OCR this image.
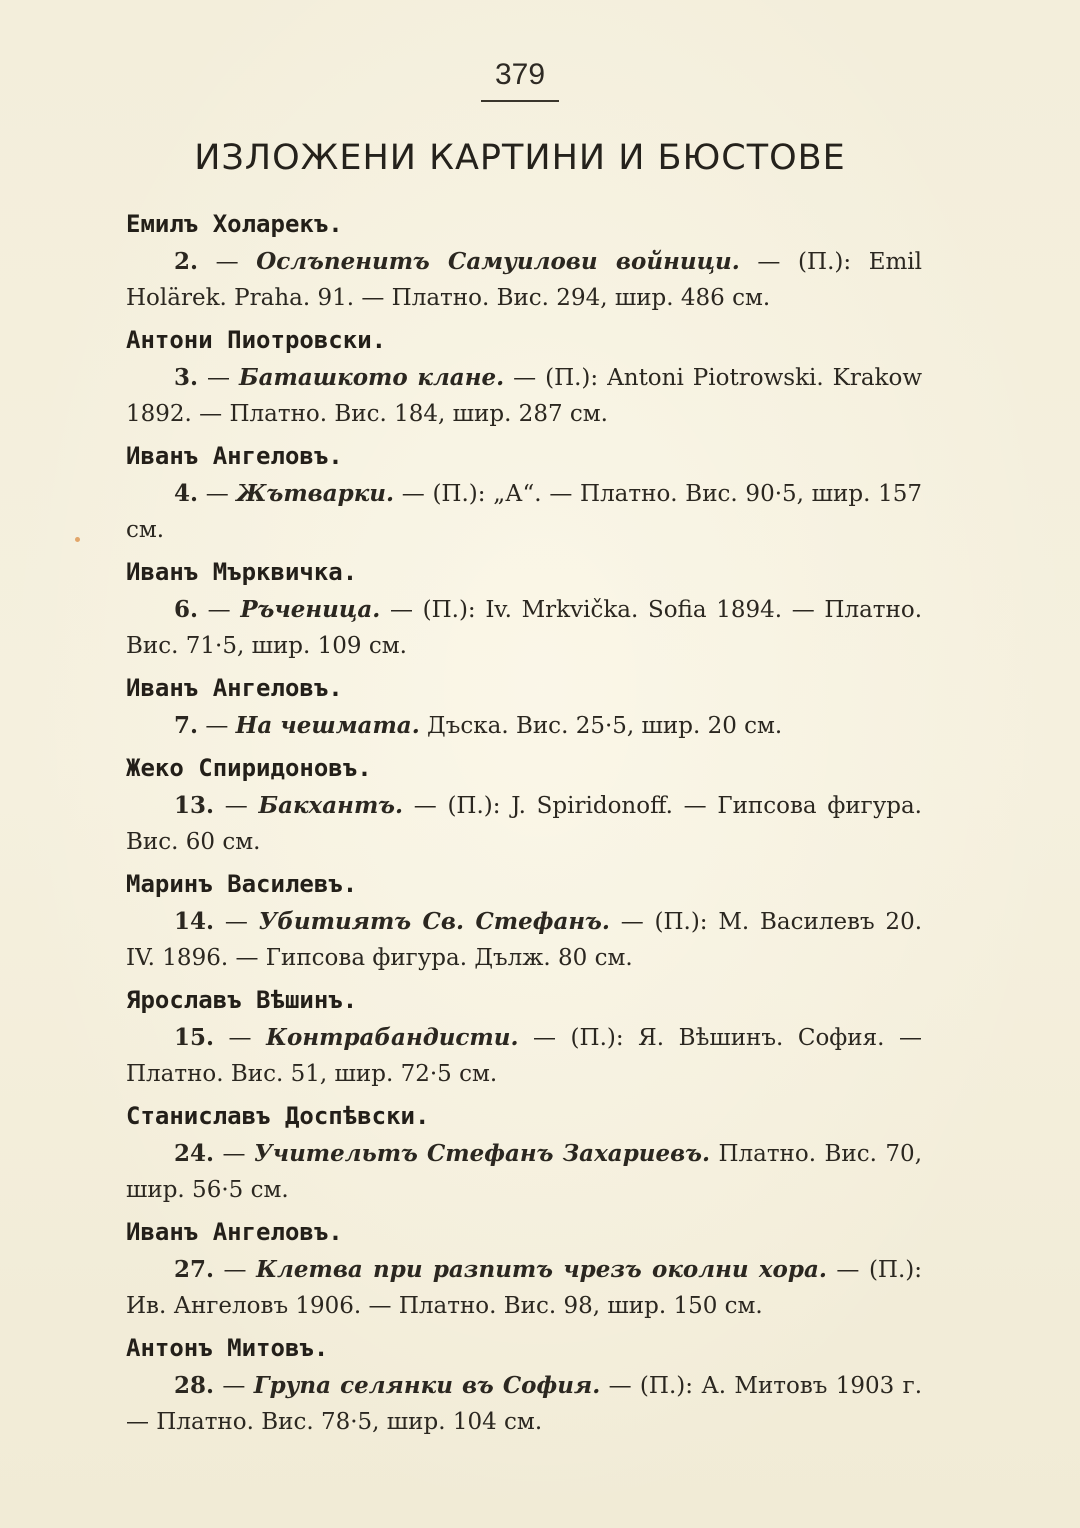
379
ИЗЛОЖЕНИ КАРТИНИ И БЮСТОВЕ
Емилъ Холарекъ.
2. — Ослъпенитъ Самуилови войници. — (П.): Emil Holärek. Praha. 91. — Платно. Вис. 294, шир. 486 см.
Антони Пиотровски.
3. — Баташкото клане. — (П.): Antoni Piotrowski. Krakow 1892. — Платно. Вис. 184, шир. 287 см.
Иванъ Ангеловъ.
4. — Жътварки. — (П.): „А“. — Платно. Вис. 90·5, шир. 157 см.
Иванъ Мърквичка.
6. — Ръченица. — (П.): Iv. Mrkvička. Sofia 1894. — Платно. Вис. 71·5, шир. 109 см.
Иванъ Ангеловъ.
7. — На чешмата. Дъска. Вис. 25·5, шир. 20 см.
Жеко Спиридоновъ.
13. — Бакхантъ. — (П.): J. Spiridonoff. — Гипсова фигура. Вис. 60 см.
Маринъ Василевъ.
14. — Убитиятъ Св. Стефанъ. — (П.): М. Василевъ 20. IV. 1896. — Гипсова фигура. Дълж. 80 см.
Ярославъ Вѣшинъ.
15. — Контрабандисти. — (П.): Я. Вѣшинъ. София. — Платно. Вис. 51, шир. 72·5 см.
Станиславъ Доспѣвски.
24. — Учительтъ Стефанъ Захариевъ. Платно. Вис. 70, шир. 56·5 см.
Иванъ Ангеловъ.
27. — Клетва при разпитъ чрезъ околни хора. — (П.): Ив. Ангеловъ 1906. — Платно. Вис. 98, шир. 150 см.
Антонъ Митовъ.
28. — Група селянки въ София. — (П.): А. Митовъ 1903 г. — Платно. Вис. 78·5, шир. 104 см.
